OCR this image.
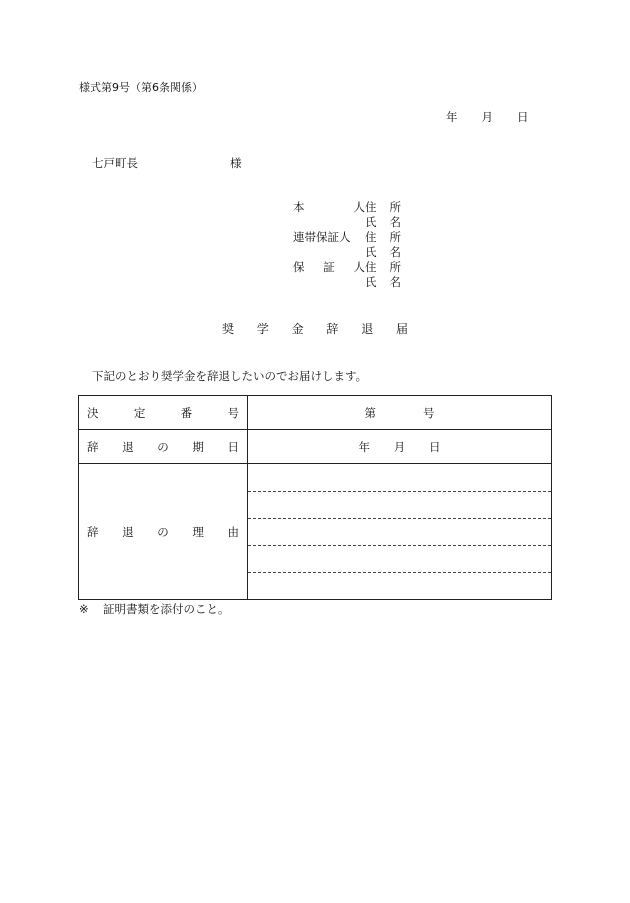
様式第9号（第6条関係）
年 月 日
七戸町長	様
本	人 住 所
氏 名
連帯保証人 住 所
氏 名
保 証 人 住 所
氏 名
奨 学 金 辞 退 届
下記のとおり奨学金を辞退したいのでお届けします。
決 定 番 号	第 号

辞 退 の 期 日	年 月 日

辞 退 の 理 由	

※ 証明書類を添付のこと。
